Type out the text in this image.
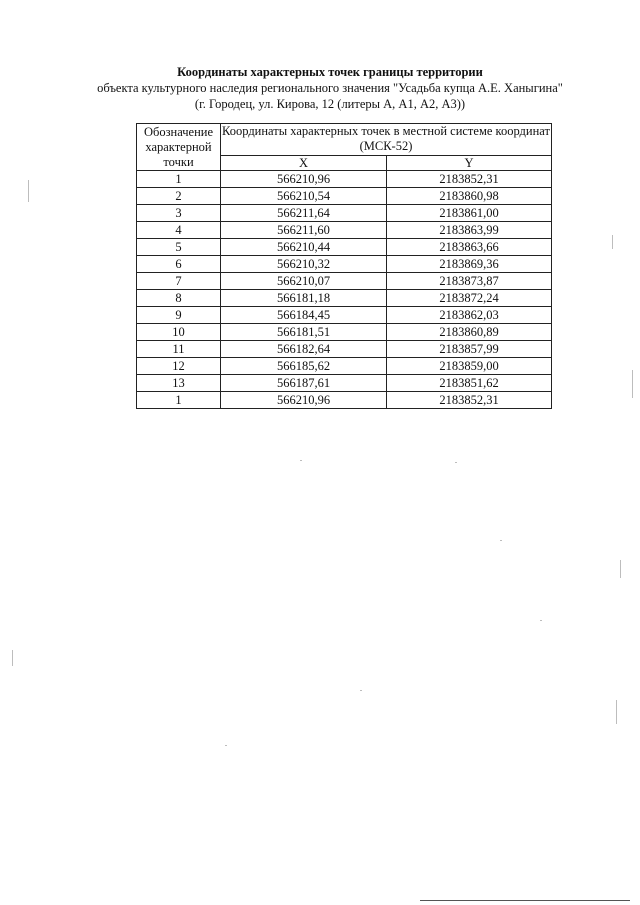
Координаты характерных точек границы территории
объекта культурного наследия регионального значения "Усадьба купца А.Е. Ханыгина"
(г. Городец, ул. Кирова, 12 (литеры А, А1, А2, А3))
Обозначение характерной точки	Координаты характерных точек в местной системе координат (МСК-52)	
	X	Y
1	566210,96	2183852,31
2	566210,54	2183860,98
3	566211,64	2183861,00
4	566211,60	2183863,99
5	566210,44	2183863,66
6	566210,32	2183869,36
7	566210,07	2183873,87
8	566181,18	2183872,24
9	566184,45	2183862,03
10	566181,51	2183860,89
11	566182,64	2183857,99
12	566185,62	2183859,00
13	566187,61	2183851,62
1	566210,96	2183852,31
